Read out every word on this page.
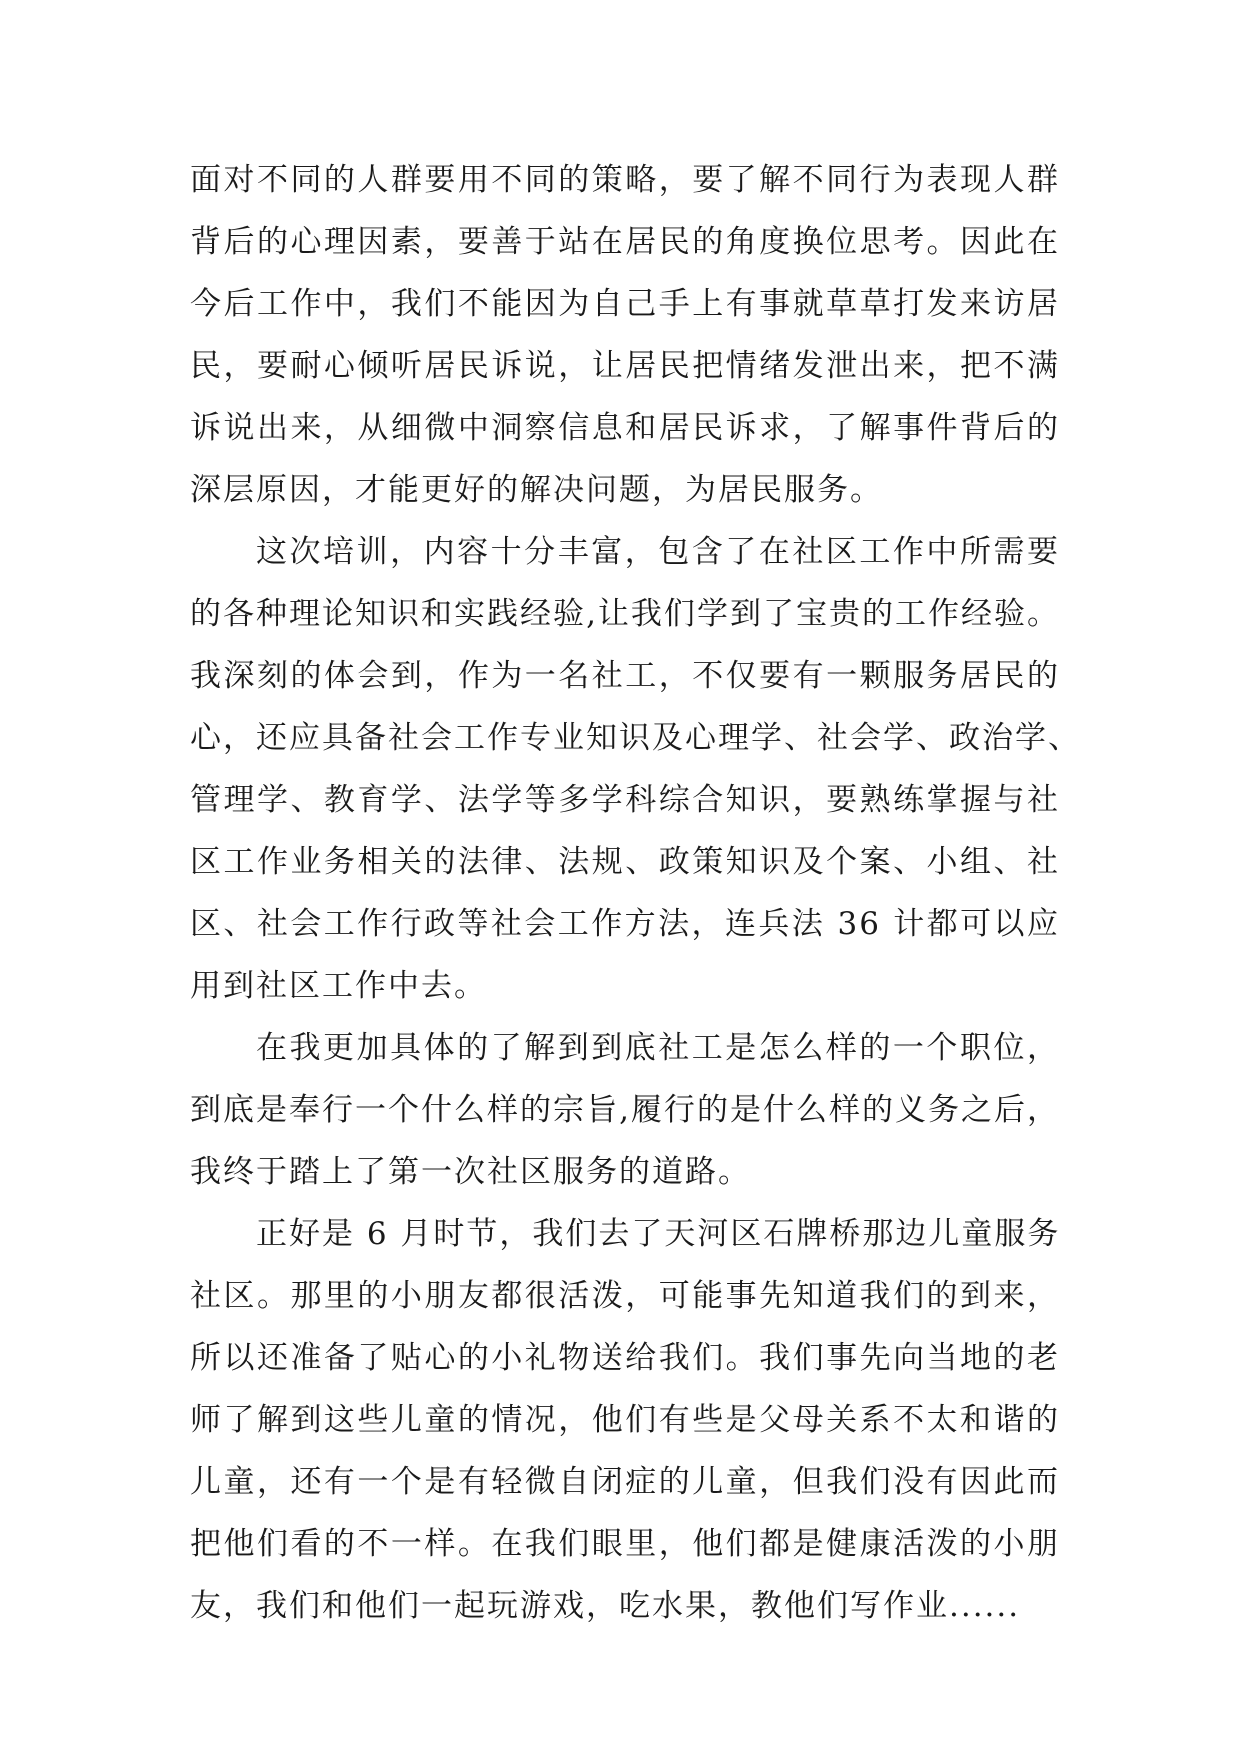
面对不同的人群要用不同的策略，要了解不同行为表现人群
背后的心理因素，要善于站在居民的角度换位思考。因此在
今后工作中，我们不能因为自己手上有事就草草打发来访居
民，要耐心倾听居民诉说，让居民把情绪发泄出来，把不满
诉说出来，从细微中洞察信息和居民诉求，了解事件背后的
深层原因，才能更好的解决问题，为居民服务。
这次培训，内容十分丰富，包含了在社区工作中所需要
的各种理论知识和实践经验,让我们学到了宝贵的工作经验。
我深刻的体会到，作为一名社工，不仅要有一颗服务居民的
心，还应具备社会工作专业知识及心理学、社会学、政治学、
管理学、教育学、法学等多学科综合知识，要熟练掌握与社
区工作业务相关的法律、法规、政策知识及个案、小组、社
区、社会工作行政等社会工作方法，连兵法 36 计都可以应
用到社区工作中去。
在我更加具体的了解到到底社工是怎么样的一个职位，
到底是奉行一个什么样的宗旨,履行的是什么样的义务之后，
我终于踏上了第一次社区服务的道路。
正好是 6 月时节，我们去了天河区石牌桥那边儿童服务
社区。那里的小朋友都很活泼，可能事先知道我们的到来，
所以还准备了贴心的小礼物送给我们。我们事先向当地的老
师了解到这些儿童的情况，他们有些是父母关系不太和谐的
儿童，还有一个是有轻微自闭症的儿童，但我们没有因此而
把他们看的不一样。在我们眼里，他们都是健康活泼的小朋
友，我们和他们一起玩游戏，吃水果，教他们写作业......
